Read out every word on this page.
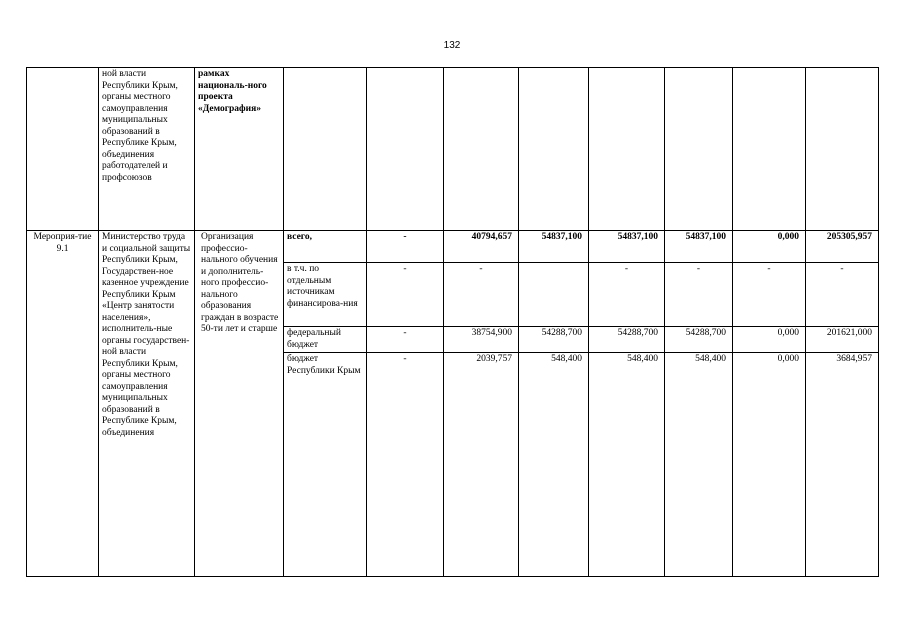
132
	ной власти Республики Крым, органы местного самоуправления муниципальных образований в Республике Крым, объединения работодателей и профсоюзов	рамках националь-ного проекта «Демография»								
Мероприя-тие 9.1	Министерство труда и социальной защиты Республики Крым, Государствен-ное казенное учреждение Республики Крым «Центр занятости населения», исполнитель-ные органы государствен-ной власти Республики Крым, органы местного самоуправления муниципальных образований в Республике Крым, объединения	Организация профессио-нального обучения и дополнитель-ного профессио-нального образования граждан в возрасте 50-ти лет и старше	всего,	-	40794,657	54837,100	54837,100	54837,100	0,000	205305,957
			в т.ч. по отдельным источникам финансирова-ния	-	-		-	-	-	-
			федеральный бюджет	-	38754,900	54288,700	54288,700	54288,700	0,000	201621,000
			бюджет Республики Крым	-	2039,757	548,400	548,400	548,400	0,000	3684,957
